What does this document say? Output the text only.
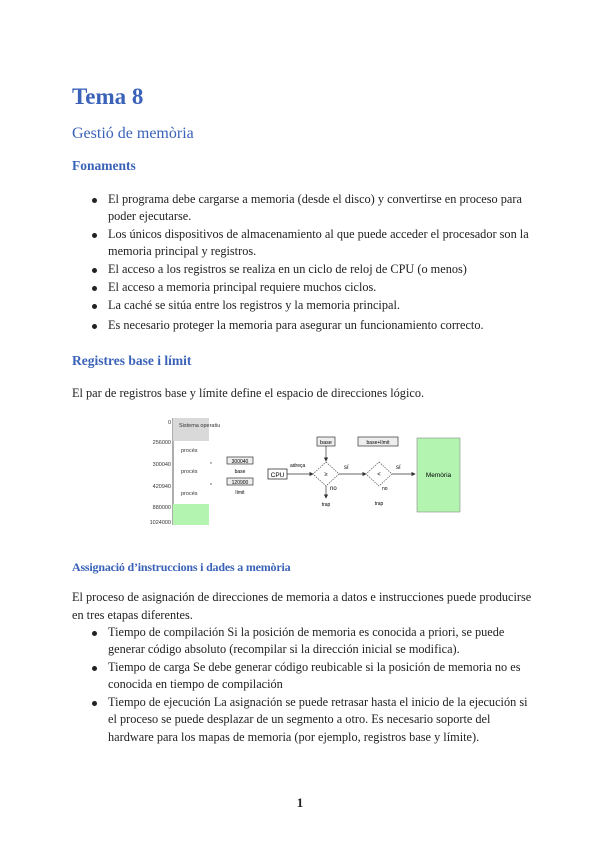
Tema 8
Gestió de memòria
Fonaments
El programa debe cargarse a memoria (desde el disco) y convertirse en proceso para poder ejecutarse.
Los únicos dispositivos de almacenamiento al que puede acceder el procesador son la memoria principal y registros.
El acceso a los registros se realiza en un ciclo de reloj de CPU (o menos)
El acceso a memoria principal requiere muchos ciclos.
La caché se sitúa entre los registros y la memoria principal.
Es necesario proteger la memoria para asegurar un funcionamiento correcto.
Registres base i límit
El par de registros base y límite define el espacio de direcciones lógico.
0
256000
300040
420940
880000
1024000
Sistema operatiu
procés
procés
procés
*
*
300040
base
120900
límit
CPU
adreça
base
≥
sí
no
trap
base+límit
<
sí
no
trap
Memòria
Assignació d’instruccions i dades a memòria
El proceso de asignación de direcciones de memoria a datos e instrucciones puede producirse en tres etapas diferentes.
Tiempo de compilación Si la posición de memoria es conocida a priori, se puede generar código absoluto (recompilar si la dirección inicial se modifica).
Tiempo de carga Se debe generar código reubicable si la posición de memoria no es conocida en tiempo de compilación
Tiempo de ejecución La asignación se puede retrasar hasta el inicio de la ejecución si el proceso se puede desplazar de un segmento a otro. Es necesario soporte del hardware para los mapas de memoria (por ejemplo, registros base y límite).
1
